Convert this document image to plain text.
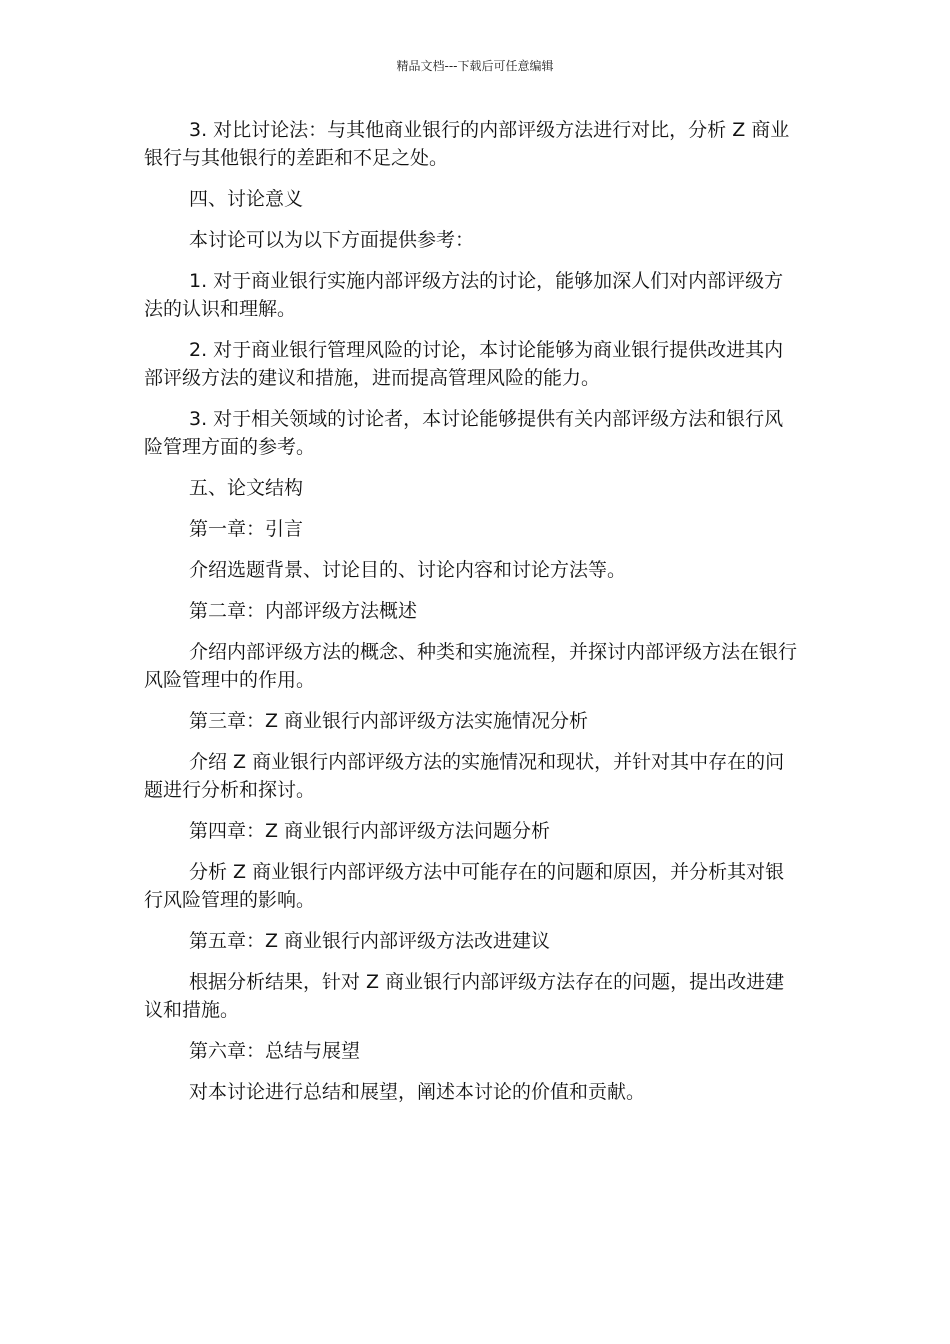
精品文档---下载后可任意编辑

3. 对比讨论法：与其他商业银行的内部评级方法进行对比，分析 Z 商业银行与其他银行的差距和不足之处。

四、讨论意义

本讨论可以为以下方面提供参考：

1. 对于商业银行实施内部评级方法的讨论，能够加深人们对内部评级方法的认识和理解。

2. 对于商业银行管理风险的讨论，本讨论能够为商业银行提供改进其内部评级方法的建议和措施，进而提高管理风险的能力。

3. 对于相关领域的讨论者，本讨论能够提供有关内部评级方法和银行风险管理方面的参考。

五、论文结构

第一章：引言

介绍选题背景、讨论目的、讨论内容和讨论方法等。

第二章：内部评级方法概述

介绍内部评级方法的概念、种类和实施流程，并探讨内部评级方法在银行风险管理中的作用。

第三章：Z 商业银行内部评级方法实施情况分析

介绍 Z 商业银行内部评级方法的实施情况和现状，并针对其中存在的问题进行分析和探讨。

第四章：Z 商业银行内部评级方法问题分析

分析 Z 商业银行内部评级方法中可能存在的问题和原因，并分析其对银行风险管理的影响。

第五章：Z 商业银行内部评级方法改进建议

根据分析结果，针对 Z 商业银行内部评级方法存在的问题，提出改进建议和措施。

第六章：总结与展望

对本讨论进行总结和展望，阐述本讨论的价值和贡献。
